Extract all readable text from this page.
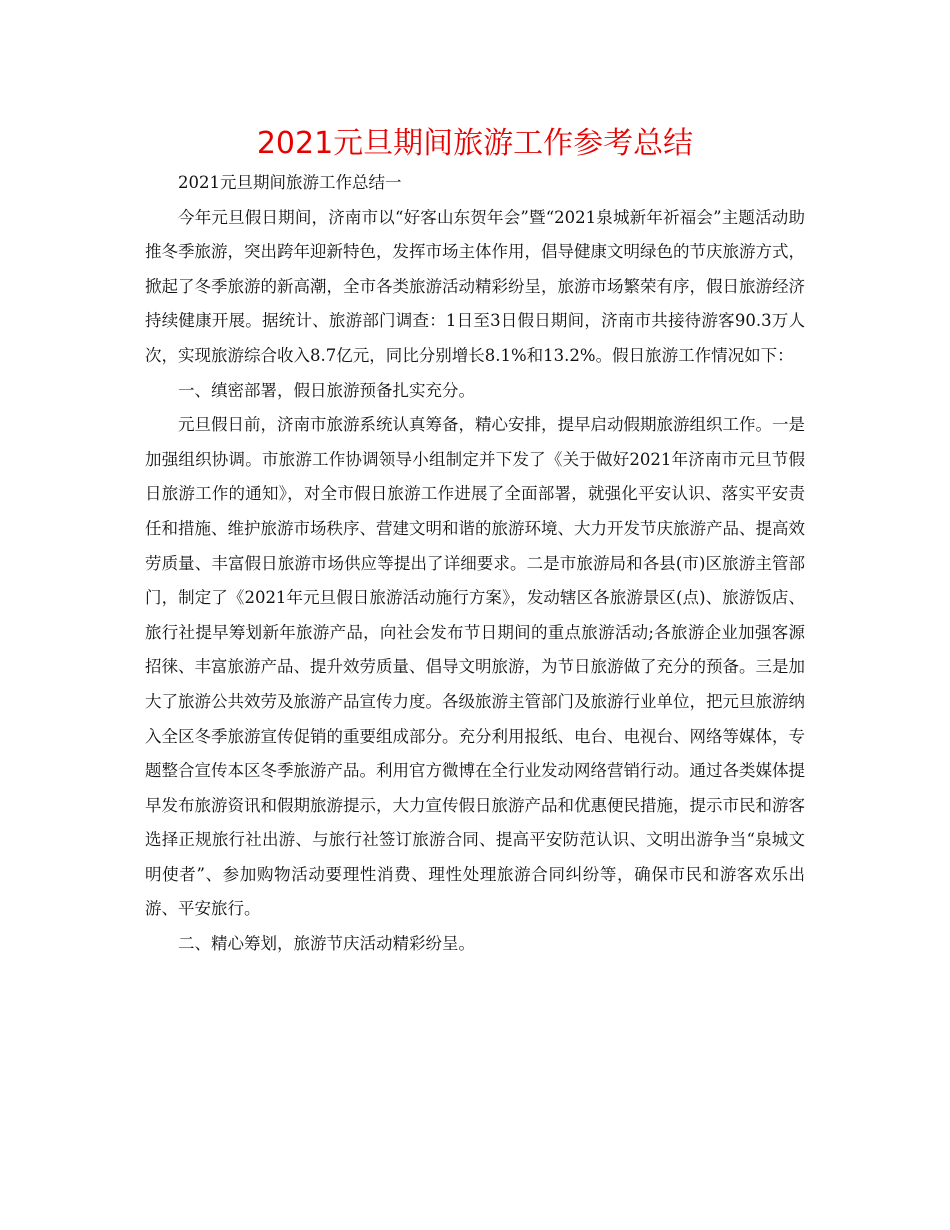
2021元旦期间旅游工作参考总结

2021元旦期间旅游工作总结一

今年元旦假日期间，济南市以“好客山东贺年会”暨“2021泉城新年祈福会”主题活动助推冬季旅游，突出跨年迎新特色，发挥市场主体作用，倡导健康文明绿色的节庆旅游方式，掀起了冬季旅游的新高潮，全市各类旅游活动精彩纷呈，旅游市场繁荣有序，假日旅游经济持续健康开展。据统计、旅游部门调查：1日至3日假日期间，济南市共接待游客90.3万人次，实现旅游综合收入8.7亿元，同比分别增长8.1%和13.2%。假日旅游工作情况如下：

一、缜密部署，假日旅游预备扎实充分。

元旦假日前，济南市旅游系统认真筹备，精心安排，提早启动假期旅游组织工作。一是加强组织协调。市旅游工作协调领导小组制定并下发了《关于做好2021年济南市元旦节假日旅游工作的通知》，对全市假日旅游工作进展了全面部署，就强化平安认识、落实平安责任和措施、维护旅游市场秩序、营建文明和谐的旅游环境、大力开发节庆旅游产品、提高效劳质量、丰富假日旅游市场供应等提出了详细要求。二是市旅游局和各县(市)区旅游主管部门，制定了《2021年元旦假日旅游活动施行方案》，发动辖区各旅游景区(点)、旅游饭店、旅行社提早筹划新年旅游产品，向社会发布节日期间的重点旅游活动;各旅游企业加强客源招徕、丰富旅游产品、提升效劳质量、倡导文明旅游，为节日旅游做了充分的预备。三是加大了旅游公共效劳及旅游产品宣传力度。各级旅游主管部门及旅游行业单位，把元旦旅游纳入全区冬季旅游宣传促销的重要组成部分。充分利用报纸、电台、电视台、网络等媒体，专题整合宣传本区冬季旅游产品。利用官方微博在全行业发动网络营销行动。通过各类媒体提早发布旅游资讯和假期旅游提示，大力宣传假日旅游产品和优惠便民措施，提示市民和游客选择正规旅行社出游、与旅行社签订旅游合同、提高平安防范认识、文明出游争当“泉城文明使者”、参加购物活动要理性消费、理性处理旅游合同纠纷等，确保市民和游客欢乐出游、平安旅行。

二、精心筹划，旅游节庆活动精彩纷呈。
